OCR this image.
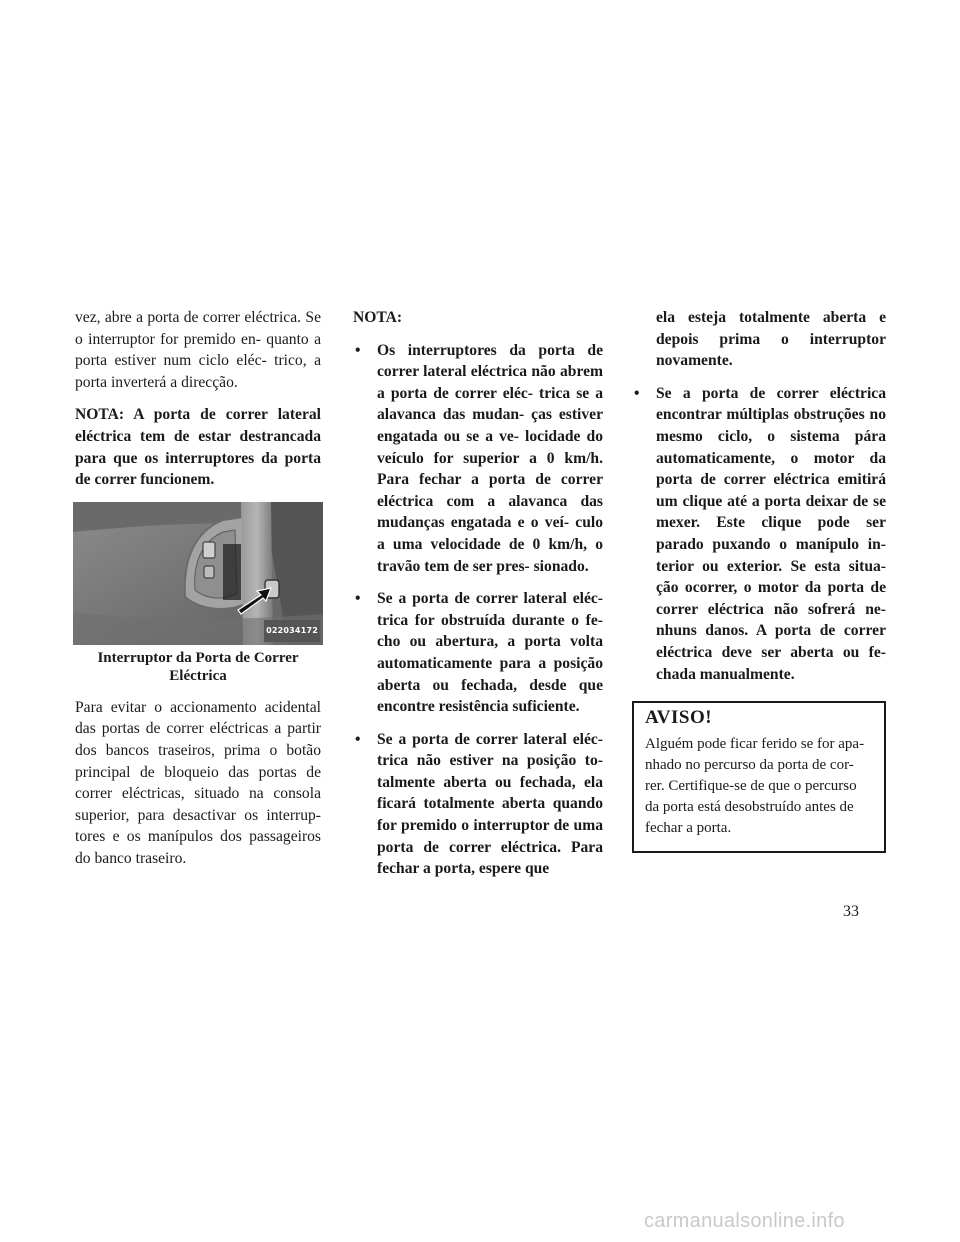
vez, abre a porta de correr eléctrica. Se o interruptor for premido en- quanto a porta estiver num ciclo eléc- trico, a porta inverterá a direcção.

NOTA: A porta de correr lateral eléctrica tem de estar destrancada para que os interruptores da porta de correr funcionem.

022034172
Interruptor da Porta de Correr
Eléctrica

Para evitar o accionamento acidental das portas de correr eléctricas a partir dos bancos traseiros, prima o botão principal de bloqueio das portas de correr eléctricas, situado na consola superior, para desactivar os interrup- tores e os manípulos dos passageiros do banco traseiro.

NOTA:

• Os interruptores da porta de correr lateral eléctrica não abrem a porta de correr eléc- trica se a alavanca das mudan- ças estiver engatada ou se a ve- locidade do veículo for superior a 0 km/h. Para fechar a porta de correr eléctrica com a alavanca das mudanças engatada e o veí- culo a uma velocidade de 0 km/h, o travão tem de ser pres- sionado.
• Se a porta de correr lateral eléc- trica for obstruída durante o fe- cho ou abertura, a porta volta automaticamente para a posição aberta ou fechada, desde que encontre resistência suficiente.
• Se a porta de correr lateral eléc- trica não estiver na posição to- talmente aberta ou fechada, ela ficará totalmente aberta quando for premido o interruptor de uma porta de correr eléctrica. Para fechar a porta, espere que

ela esteja totalmente aberta e depois prima o interruptor novamente.

• Se a porta de correr eléctrica encontrar múltiplas obstruções no mesmo ciclo, o sistema pára automaticamente, o motor da porta de correr eléctrica emitirá um clique até a porta deixar de se mexer. Este clique pode ser parado puxando o manípulo in- terior ou exterior. Se esta situa- ção ocorrer, o motor da porta de correr eléctrica não sofrerá ne- nhuns danos. A porta de correr eléctrica deve ser aberta ou fe- chada manualmente.
AVISO!

Alguém pode ficar ferido se for apa- nhado no percurso da porta de cor- rer. Certifique-se de que o percurso da porta está desobstruído antes de fechar a porta.

33
carmanualsonline.info
